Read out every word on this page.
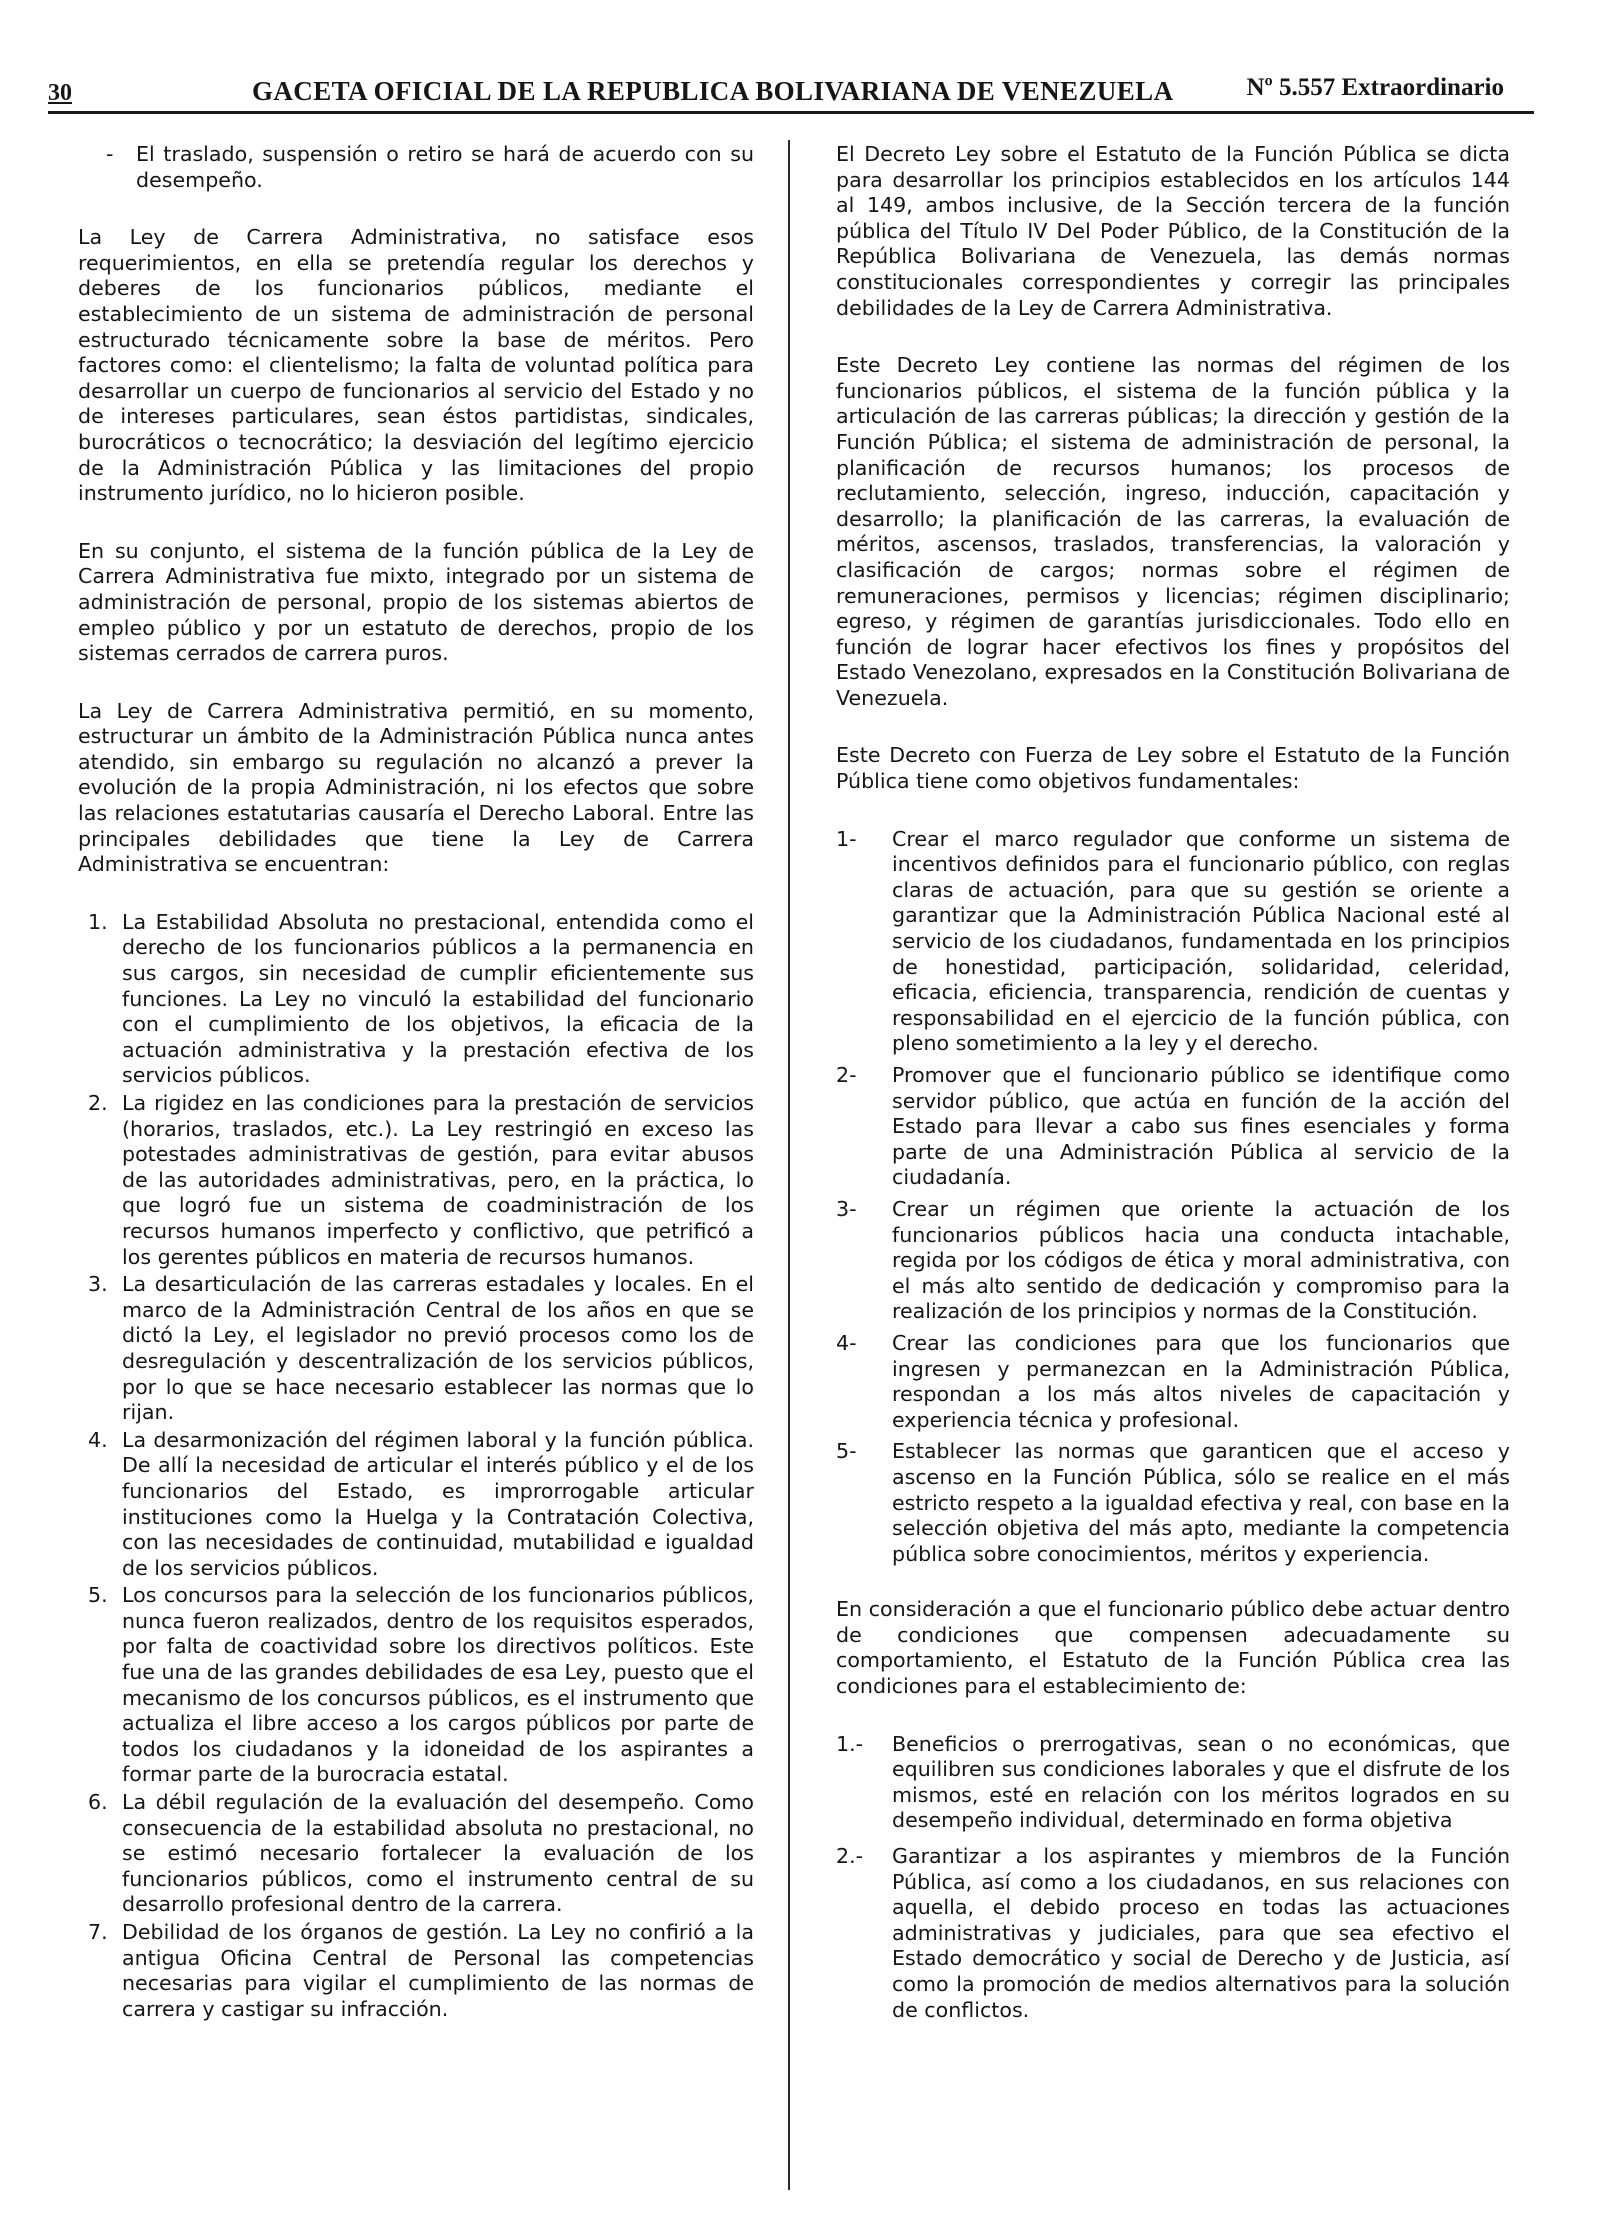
30	GACETA OFICIAL DE LA REPUBLICA BOLIVARIANA DE VENEZUELA	Nº 5.557 Extraordinario
- El traslado, suspensión o retiro se hará de acuerdo con su desempeño.

La Ley de Carrera Administrativa, no satisface esos requerimientos, en ella se pretendía regular los derechos y deberes de los funcionarios públicos, mediante el establecimiento de un sistema de administración de personal estructurado técnicamente sobre la base de méritos. Pero factores como: el clientelismo; la falta de voluntad política para desarrollar un cuerpo de funcionarios al servicio del Estado y no de intereses particulares, sean éstos partidistas, sindicales, burocráticos o tecnocrático; la desviación del legítimo ejercicio de la Administración Pública y las limitaciones del propio instrumento jurídico, no lo hicieron posible.

En su conjunto, el sistema de la función pública de la Ley de Carrera Administrativa fue mixto, integrado por un sistema de administración de personal, propio de los sistemas abiertos de empleo público y por un estatuto de derechos, propio de los sistemas cerrados de carrera puros.

La Ley de Carrera Administrativa permitió, en su momento, estructurar un ámbito de la Administración Pública nunca antes atendido, sin embargo su regulación no alcanzó a prever la evolución de la propia Administración, ni los efectos que sobre las relaciones estatutarias causaría el Derecho Laboral. Entre las principales debilidades que tiene la Ley de Carrera Administrativa se encuentran:

1. La Estabilidad Absoluta no prestacional, entendida como el derecho de los funcionarios públicos a la permanencia en sus cargos, sin necesidad de cumplir eficientemente sus funciones. La Ley no vinculó la estabilidad del funcionario con el cumplimiento de los objetivos, la eficacia de la actuación administrativa y la prestación efectiva de los servicios públicos.
2. La rigidez en las condiciones para la prestación de servicios (horarios, traslados, etc.). La Ley restringió en exceso las potestades administrativas de gestión, para evitar abusos de las autoridades administrativas, pero, en la práctica, lo que logró fue un sistema de coadministración de los recursos humanos imperfecto y conflictivo, que petrificó a los gerentes públicos en materia de recursos humanos.
3. La desarticulación de las carreras estadales y locales. En el marco de la Administración Central de los años en que se dictó la Ley, el legislador no previó procesos como los de desregulación y descentralización de los servicios públicos, por lo que se hace necesario establecer las normas que lo rijan.
4. La desarmonización del régimen laboral y la función pública. De allí la necesidad de articular el interés público y el de los funcionarios del Estado, es improrrogable articular instituciones como la Huelga y la Contratación Colectiva, con las necesidades de continuidad, mutabilidad e igualdad de los servicios públicos.
5. Los concursos para la selección de los funcionarios públicos, nunca fueron realizados, dentro de los requisitos esperados, por falta de coactividad sobre los directivos políticos. Este fue una de las grandes debilidades de esa Ley, puesto que el mecanismo de los concursos públicos, es el instrumento que actualiza el libre acceso a los cargos públicos por parte de todos los ciudadanos y la idoneidad de los aspirantes a formar parte de la burocracia estatal.
6. La débil regulación de la evaluación del desempeño. Como consecuencia de la estabilidad absoluta no prestacional, no se estimó necesario fortalecer la evaluación de los funcionarios públicos, como el instrumento central de su desarrollo profesional dentro de la carrera.
7. Debilidad de los órganos de gestión. La Ley no confirió a la antigua Oficina Central de Personal las competencias necesarias para vigilar el cumplimiento de las normas de carrera y castigar su infracción.

El Decreto Ley sobre el Estatuto de la Función Pública se dicta para desarrollar los principios establecidos en los artículos 144 al 149, ambos inclusive, de la Sección tercera de la función pública del Título IV Del Poder Público, de la Constitución de la República Bolivariana de Venezuela, las demás normas constitucionales correspondientes y corregir las principales debilidades de la Ley de Carrera Administrativa.

Este Decreto Ley contiene las normas del régimen de los funcionarios públicos, el sistema de la función pública y la articulación de las carreras públicas; la dirección y gestión de la Función Pública; el sistema de administración de personal, la planificación de recursos humanos; los procesos de reclutamiento, selección, ingreso, inducción, capacitación y desarrollo; la planificación de las carreras, la evaluación de méritos, ascensos, traslados, transferencias, la valoración y clasificación de cargos; normas sobre el régimen de remuneraciones, permisos y licencias; régimen disciplinario; egreso, y régimen de garantías jurisdiccionales. Todo ello en función de lograr hacer efectivos los fines y propósitos del Estado Venezolano, expresados en la Constitución Bolivariana de Venezuela.

Este Decreto con Fuerza de Ley sobre el Estatuto de la Función Pública tiene como objetivos fundamentales:

1- Crear el marco regulador que conforme un sistema de incentivos definidos para el funcionario público, con reglas claras de actuación, para que su gestión se oriente a garantizar que la Administración Pública Nacional esté al servicio de los ciudadanos, fundamentada en los principios de honestidad, participación, solidaridad, celeridad, eficacia, eficiencia, transparencia, rendición de cuentas y responsabilidad en el ejercicio de la función pública, con pleno sometimiento a la ley y el derecho.
2- Promover que el funcionario público se identifique como servidor público, que actúa en función de la acción del Estado para llevar a cabo sus fines esenciales y forma parte de una Administración Pública al servicio de la ciudadanía.
3- Crear un régimen que oriente la actuación de los funcionarios públicos hacia una conducta intachable, regida por los códigos de ética y moral administrativa, con el más alto sentido de dedicación y compromiso para la realización de los principios y normas de la Constitución.
4- Crear las condiciones para que los funcionarios que ingresen y permanezcan en la Administración Pública, respondan a los más altos niveles de capacitación y experiencia técnica y profesional.
5- Establecer las normas que garanticen que el acceso y ascenso en la Función Pública, sólo se realice en el más estricto respeto a la igualdad efectiva y real, con base en la selección objetiva del más apto, mediante la competencia pública sobre conocimientos, méritos y experiencia.

En consideración a que el funcionario público debe actuar dentro de condiciones que compensen adecuadamente su comportamiento, el Estatuto de la Función Pública crea las condiciones para el establecimiento de:

1.- Beneficios o prerrogativas, sean o no económicas, que equilibren sus condiciones laborales y que el disfrute de los mismos, esté en relación con los méritos logrados en su desempeño individual, determinado en forma objetiva
2.- Garantizar a los aspirantes y miembros de la Función Pública, así como a los ciudadanos, en sus relaciones con aquella, el debido proceso en todas las actuaciones administrativas y judiciales, para que sea efectivo el Estado democrático y social de Derecho y de Justicia, así como la promoción de medios alternativos para la solución de conflictos.
